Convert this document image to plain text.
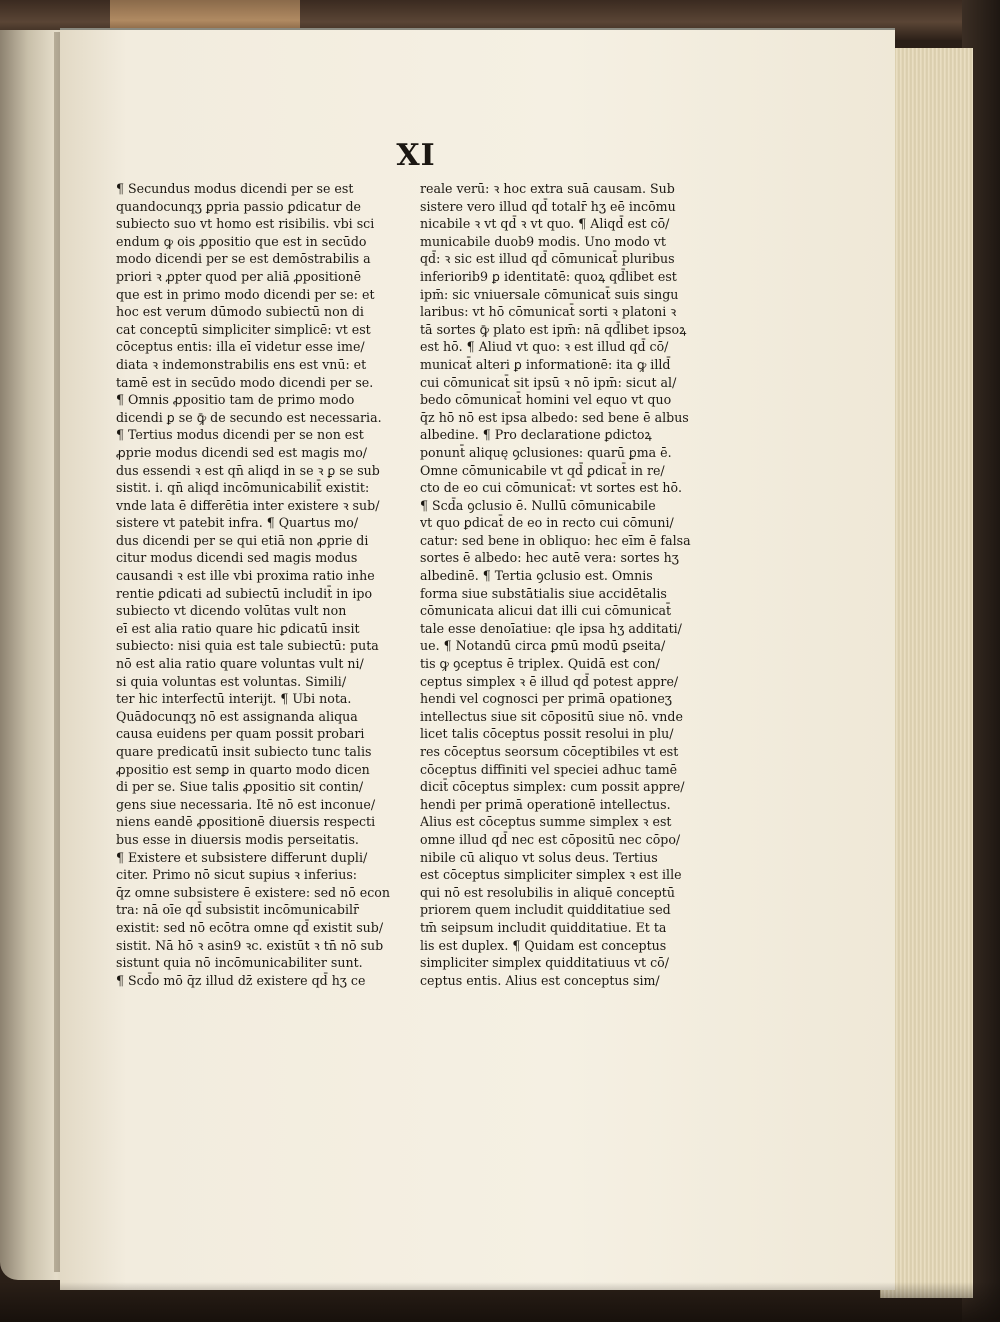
XI
¶ Secundus modus dicendi per se est
quandocunqʒ ꝑpria passio ꝑdicatur de
subiecto suo vt homo est risibilis. vbi sci
endum ꝙ ois ꝓpositio que est in secūdo
modo dicendi per se est demōstrabilis a
priori ꝛ ꝓpter quod per aliā ꝓpositionē
que est in primo modo dicendi per se: et
hoc est verum dūmodo subiectū non di
cat conceptū simpliciter simplicē: vt est
cōceptus entis: illa eī videtur esse ime/
diata ꝛ indemonstrabilis ens est vnū: et
tamē est in secūdo modo dicendi per se.
¶ Omnis ꝓpositio tam de primo modo
dicendi ꝑ se ꝙ̄ de secundo est necessaria.
¶ Tertius modus dicendi per se non est
ꝓprie modus dicendi sed est magis mo/
dus essendi ꝛ est qn̄ aliqd in se ꝛ ꝑ se sub
sistit. i. qn̄ aliqd incōmunicabilit̄ existit:
vnde lata ē differētia inter existere ꝛ sub/
sistere vt patebit infra. ¶ Quartus mo/
dus dicendi per se qui etiā non ꝓprie di
citur modus dicendi sed magis modus
causandi ꝛ est ille vbi proxima ratio inhe
rentie ꝑdicati ad subiectū includit̄ in ipo
subiecto vt dicendo volūtas vult non
eī est alia ratio quare hic ꝑdicatū insit
subiecto: nisi quia est tale subiectū: puta
nō est alia ratio quare voluntas vult ni/
si quia voluntas est voluntas. Simili/
ter hic interfectū interijt. ¶ Ubi nota.
Quādocunqʒ nō est assignanda aliqua
causa euidens per quam possit probari
quare predicatū insit subiecto tunc talis
ꝓpositio est semꝑ in quarto modo dicen
di per se. Siue talis ꝓpositio sit contin/
gens siue necessaria. Itē nō est inconue/
niens eandē ꝓpositionē diuersis respecti
bus esse in diuersis modis perseitatis.
¶ Existere et subsistere differunt dupli/
citer. Primo nō sicut supius ꝛ inferius:
q̄z omne subsistere ē existere: sed nō econ
tra: nā oīe qd̄ subsistit incōmunicabilr̄
existit: sed nō ecōtra omne qd̄ existit sub/
sistit. Nā hō ꝛ asin9 ꝛc. existūt ꝛ tn̄ nō sub
sistunt quia nō incōmunicabiliter sunt.
¶ Scd̄o mō q̄z illud dz̄ existere qd̄ hʒ ce
reale verū: ꝛ hoc extra suā causam. Sub
sistere vero illud qd̄ totalr̄ hʒ eē incōmu
nicabile ꝛ vt qd̄ ꝛ vt quo. ¶ Aliqd̄ est cō/
municabile duob9 modis. Uno modo vt
qd̄: ꝛ sic est illud qd̄ cōmunicat̄ pluribus
inferiorib9 ꝑ identitatē: quoꝝ qd̄libet est
ipm̄: sic vniuersale cōmunicat̄ suis singu
laribus: vt hō cōmunicat̄ sorti ꝛ platoni ꝛ
tā sortes ꝙ̄ plato est ipm̄: nā qd̄libet ipsoꝝ
est hō. ¶ Aliud vt quo: ꝛ est illud qd̄ cō/
municat̄ alteri ꝑ informationē: ita ꝙ illd̄
cui cōmunicat̄ sit ipsū ꝛ nō ipm̄: sicut al/
bedo cōmunicat̄ homini vel equo vt quo
q̄z hō nō est ipsa albedo: sed bene ē albus
albedine. ¶ Pro declaratione ꝑdictoꝝ
ponunt̄ aliquę ꝯclusiones: quarū ꝑma ē.
Omne cōmunicabile vt qd̄ ꝑdicat̄ in re/
cto de eo cui cōmunicat̄: vt sortes est hō.
¶ Scd̄a ꝯclusio ē. Nullū cōmunicabile
vt quo ꝑdicat̄ de eo in recto cui cōmuni/
catur: sed bene in obliquo: hec eīm ē falsa
sortes ē albedo: hec autē vera: sortes hʒ
albedinē. ¶ Tertia ꝯclusio est. Omnis
forma siue substātialis siue accidētalis
cōmunicata alicui dat illi cui cōmunicat̄
tale esse denoīatiue: qle ipsa hʒ additati/
ue. ¶ Notandū circa ꝑmū modū ꝑseita/
tis ꝙ ꝯceptus ē triplex. Quidā est con/
ceptus simplex ꝛ ē illud qd̄ potest appre/
hendi vel cognosci per primā opationeʒ
intellectus siue sit cōpositū siue nō. vnde
licet talis cōceptus possit resolui in plu/
res cōceptus seorsum cōceptibiles vt est
cōceptus diffiniti vel speciei adhuc tamē
dicit̄ cōceptus simplex: cum possit appre/
hendi per primā operationē intellectus.
Alius est cōceptus summe simplex ꝛ est
omne illud qd̄ nec est cōpositū nec cōpo/
nibile cū aliquo vt solus deus. Tertius
est cōceptus simpliciter simplex ꝛ est ille
qui nō est resolubilis in aliquē conceptū
priorem quem includit quidditatiue sed
tm̄ seipsum includit quidditatiue. Et ta
lis est duplex. ¶ Quidam est conceptus
simpliciter simplex quidditatiuus vt cō/
ceptus entis. Alius est conceptus sim/
